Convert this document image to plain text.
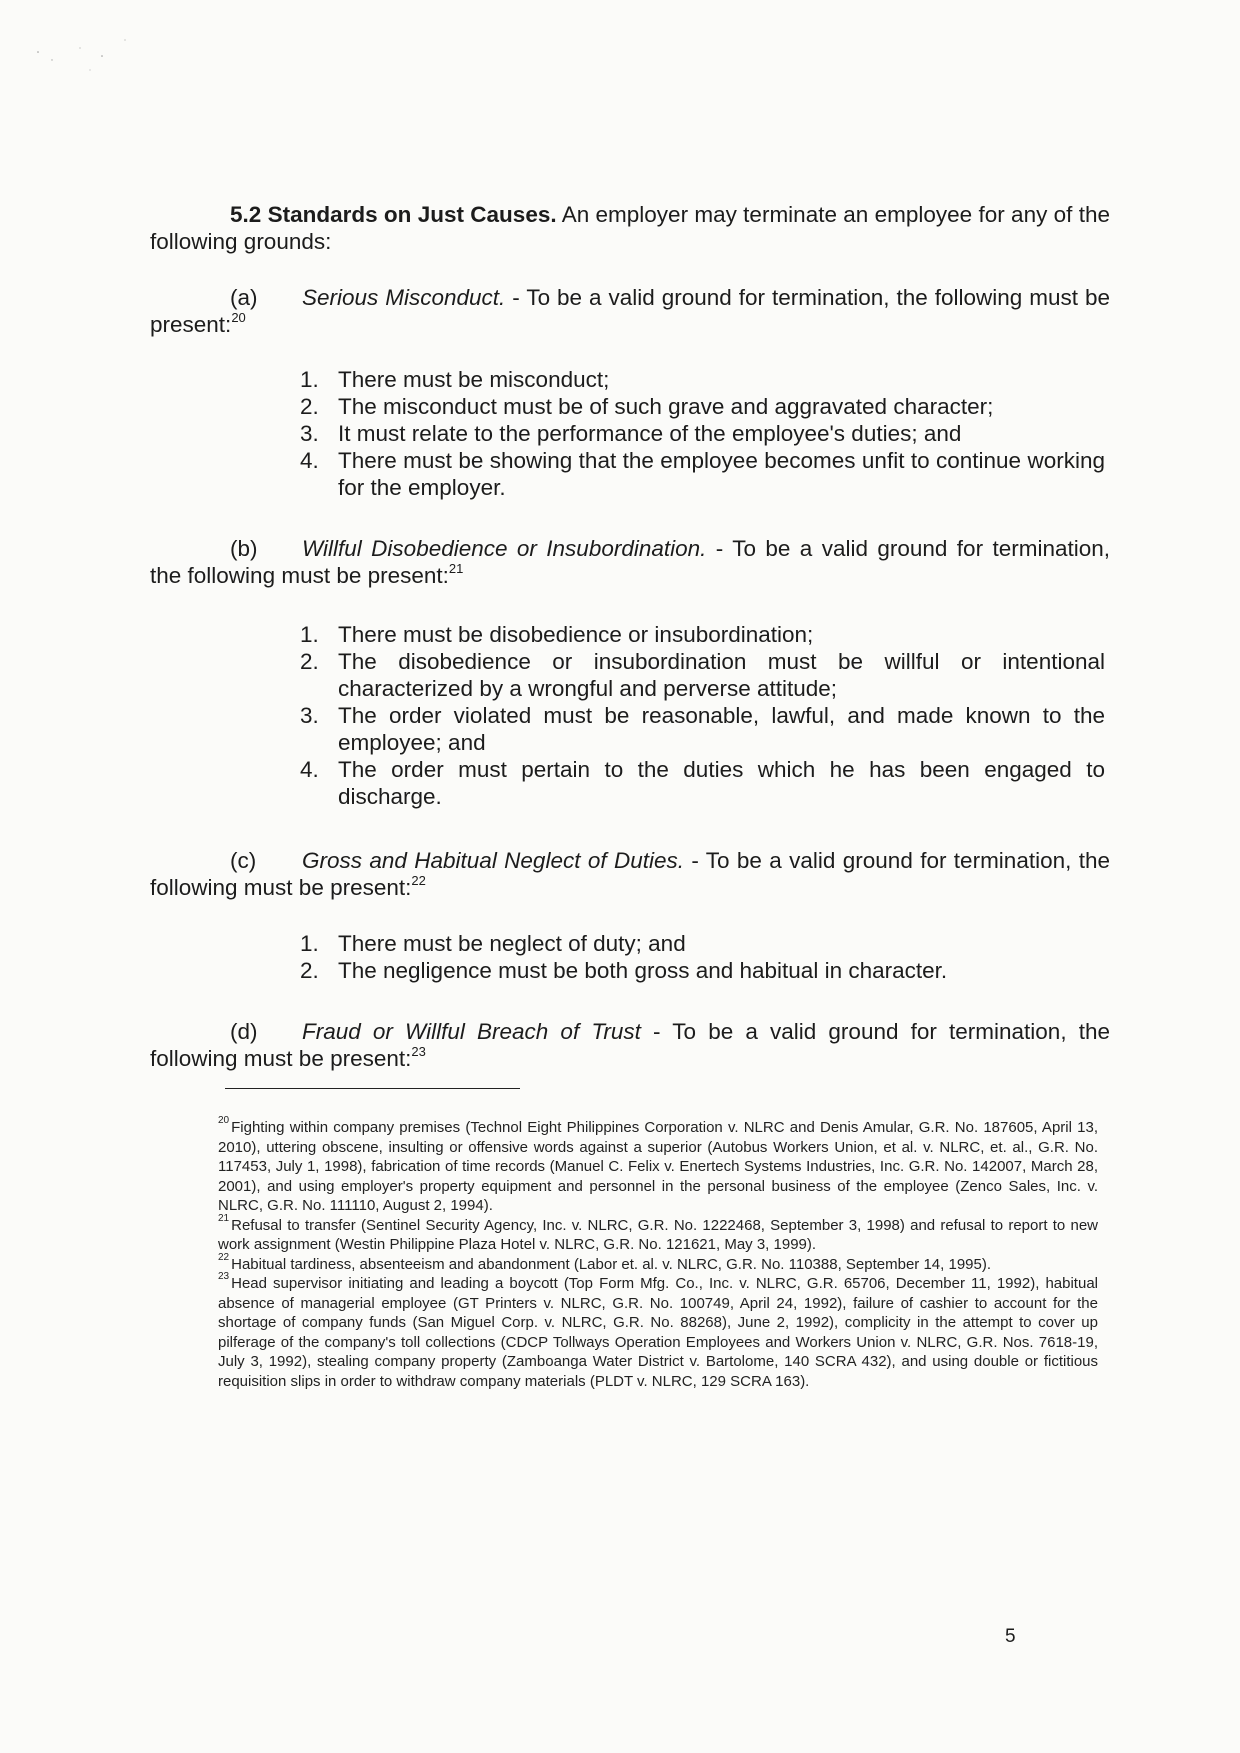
5.2 Standards on Just Causes. An employer may terminate an employee for any of the following grounds:
(a) Serious Misconduct. - To be a valid ground for termination, the following must be present:$^{20}$
1. There must be misconduct;
2. The misconduct must be of such grave and aggravated character;
3. It must relate to the performance of the employee's duties; and
4. There must be showing that the employee becomes unfit to continue working for the employer.
(b) Willful Disobedience or Insubordination. - To be a valid ground for termination, the following must be present:$^{21}$
1. There must be disobedience or insubordination;
2. The disobedience or insubordination must be willful or intentional characterized by a wrongful and perverse attitude;
3. The order violated must be reasonable, lawful, and made known to the employee; and
4. The order must pertain to the duties which he has been engaged to discharge.
(c) Gross and Habitual Neglect of Duties. - To be a valid ground for termination, the following must be present:$^{22}$
1. There must be neglect of duty; and
2. The negligence must be both gross and habitual in character.
(d) Fraud or Willful Breach of Trust - To be a valid ground for termination, the following must be present:$^{23}$

$^{20}$ Fighting within company premises (Technol Eight Philippines Corporation v. NLRC and Denis Amular, G.R. No. 187605, April 13, 2010), uttering obscene, insulting or offensive words against a superior (Autobus Workers Union, et al. v. NLRC, et. al., G.R. No. 117453, July 1, 1998), fabrication of time records (Manuel C. Felix v. Enertech Systems Industries, Inc. G.R. No. 142007, March 28, 2001), and using employer's property equipment and personnel in the personal business of the employee (Zenco Sales, Inc. v. NLRC, G.R. No. 111110, August 2, 1994).

$^{21}$ Refusal to transfer (Sentinel Security Agency, Inc. v. NLRC, G.R. No. 1222468, September 3, 1998) and refusal to report to new work assignment (Westin Philippine Plaza Hotel v. NLRC, G.R. No. 121621, May 3, 1999).

$^{22}$ Habitual tardiness, absenteeism and abandonment (Labor et. al. v. NLRC, G.R. No. 110388, September 14, 1995).

$^{23}$ Head supervisor initiating and leading a boycott (Top Form Mfg. Co., Inc. v. NLRC, G.R. 65706, December 11, 1992), habitual absence of managerial employee (GT Printers v. NLRC, G.R. No. 100749, April 24, 1992), failure of cashier to account for the shortage of company funds (San Miguel Corp. v. NLRC, G.R. No. 88268), June 2, 1992), complicity in the attempt to cover up pilferage of the company's toll collections (CDCP Tollways Operation Employees and Workers Union v. NLRC, G.R. Nos. 7618-19, July 3, 1992), stealing company property (Zamboanga Water District v. Bartolome, 140 SCRA 432), and using double or fictitious requisition slips in order to withdraw company materials (PLDT v. NLRC, 129 SCRA 163).

5
